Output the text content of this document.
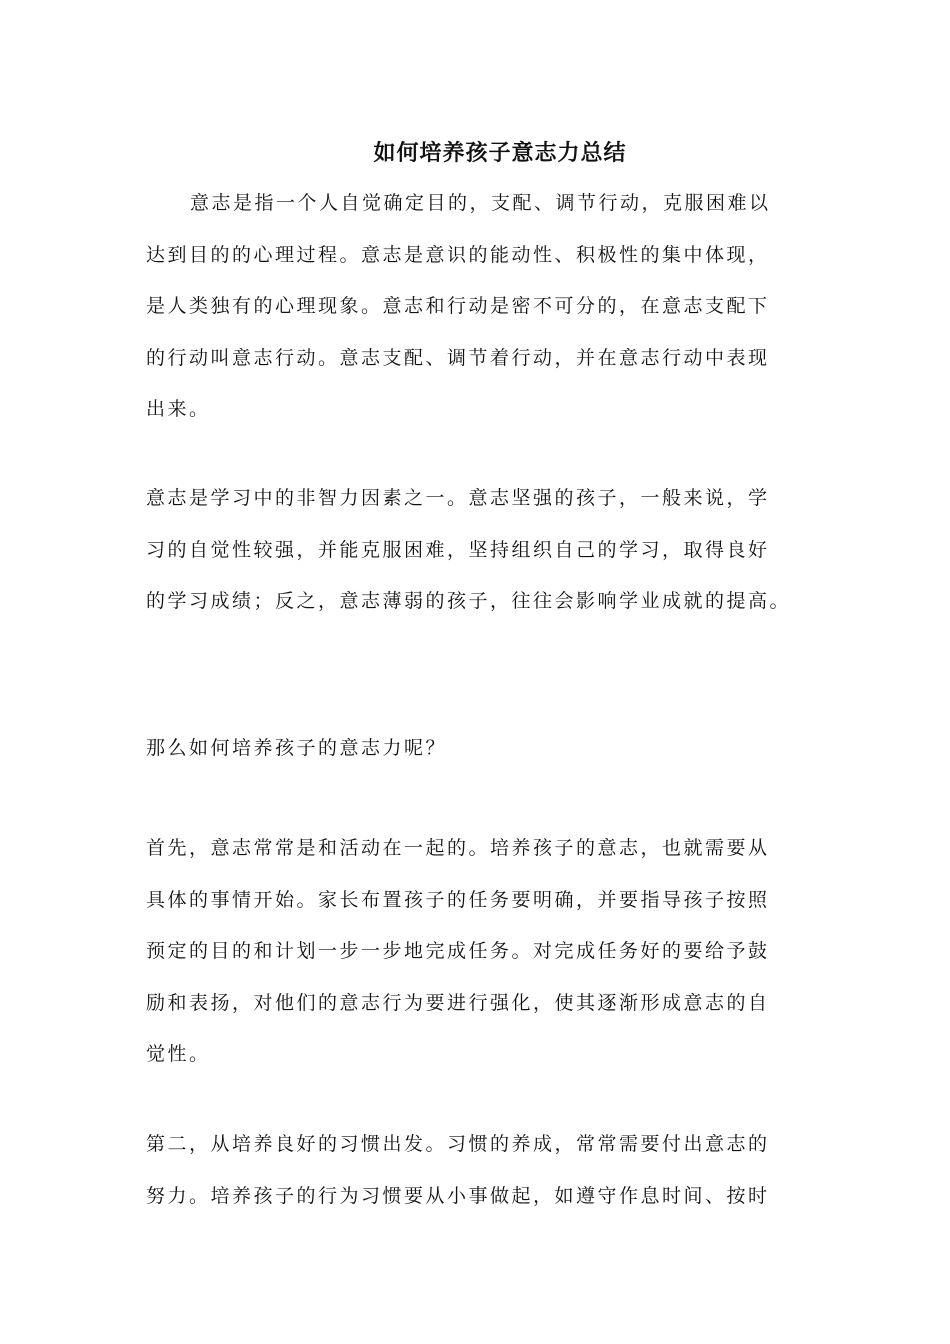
如何培养孩子意志力总结

意志是指一个人自觉确定目的，支配、调节行动，克服困难以
达到目的的心理过程。意志是意识的能动性、积极性的集中体现，
是人类独有的心理现象。意志和行动是密不可分的，在意志支配下
的行动叫意志行动。意志支配、调节着行动，并在意志行动中表现
出来。

意志是学习中的非智力因素之一。意志坚强的孩子，一般来说，学
习的自觉性较强，并能克服困难，坚持组织自己的学习，取得良好
的学习成绩；反之，意志薄弱的孩子，往往会影响学业成就的提高。

那么如何培养孩子的意志力呢？

首先，意志常常是和活动在一起的。培养孩子的意志，也就需要从
具体的事情开始。家长布置孩子的任务要明确，并要指导孩子按照
预定的目的和计划一步一步地完成任务。对完成任务好的要给予鼓
励和表扬，对他们的意志行为要进行强化，使其逐渐形成意志的自
觉性。

第二，从培养良好的习惯出发。习惯的养成，常常需要付出意志的
努力。培养孩子的行为习惯要从小事做起，如遵守作息时间、按时
